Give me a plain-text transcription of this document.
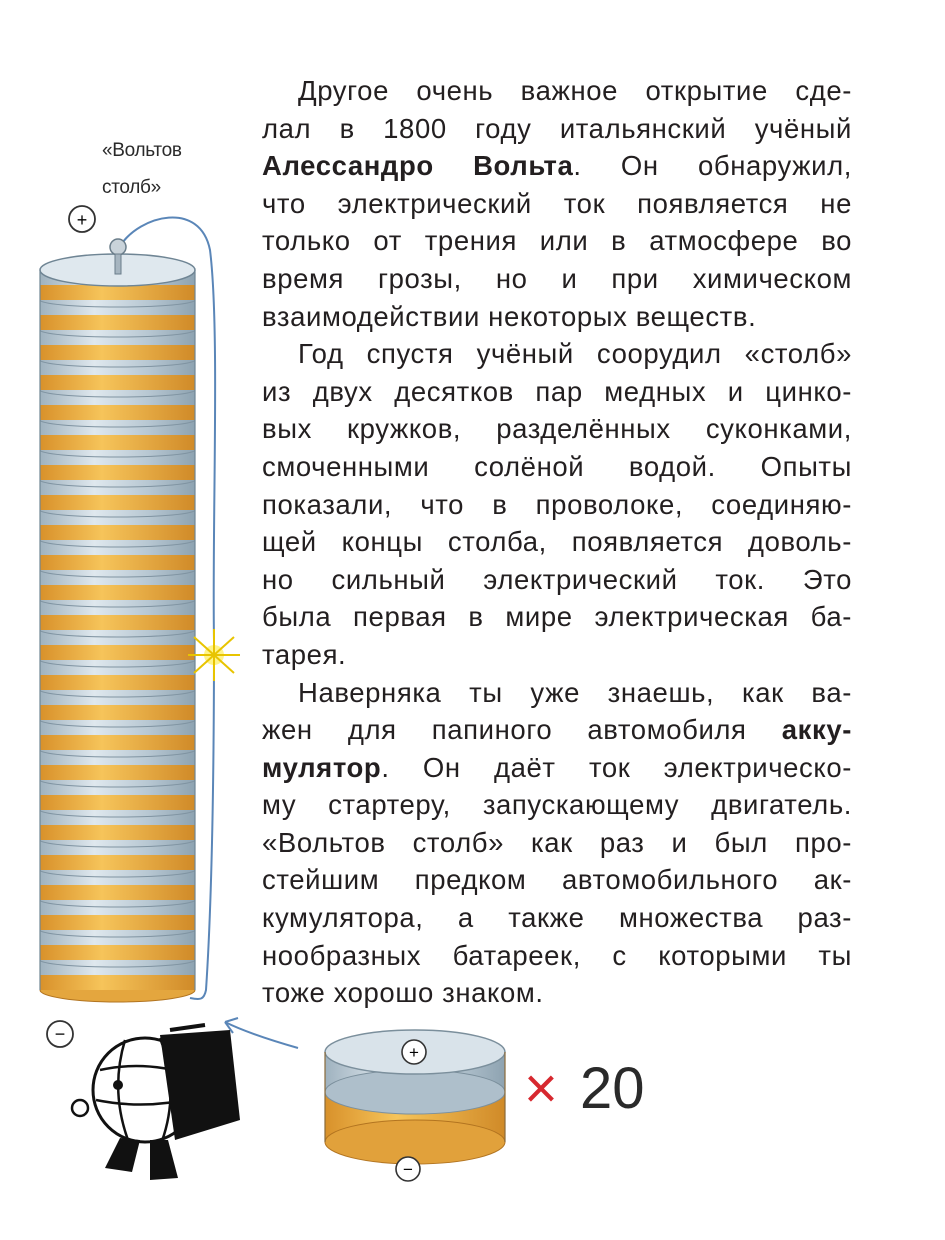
«Вольтов
столб»
+
−
+
−
× 20

Другое очень важное открытие сде-
лал в 1800 году итальянский учёный
Алессандро Вольта. Он обнаружил,
что электрический ток появляется не
только от трения или в атмосфере во
время грозы, но и при химическом
взаимодействии некоторых веществ.

Год спустя учёный соорудил «столб»
из двух десятков пар медных и цинко-
вых кружков, разделённых суконками,
смоченными солёной водой. Опыты
показали, что в проволоке, соединяю-
щей концы столба, появляется доволь-
но сильный электрический ток. Это
была первая в мире электрическая ба-
тарея.

Наверняка ты уже знаешь, как ва-
жен для папиного автомобиля акку-
мулятор. Он даёт ток электрическо-
му стартеру, запускающему двигатель.
«Вольтов столб» как раз и был про-
стейшим предком автомобильного ак-
кумулятора, а также множества раз-
нообразных батареек, с которыми ты
тоже хорошо знаком.
